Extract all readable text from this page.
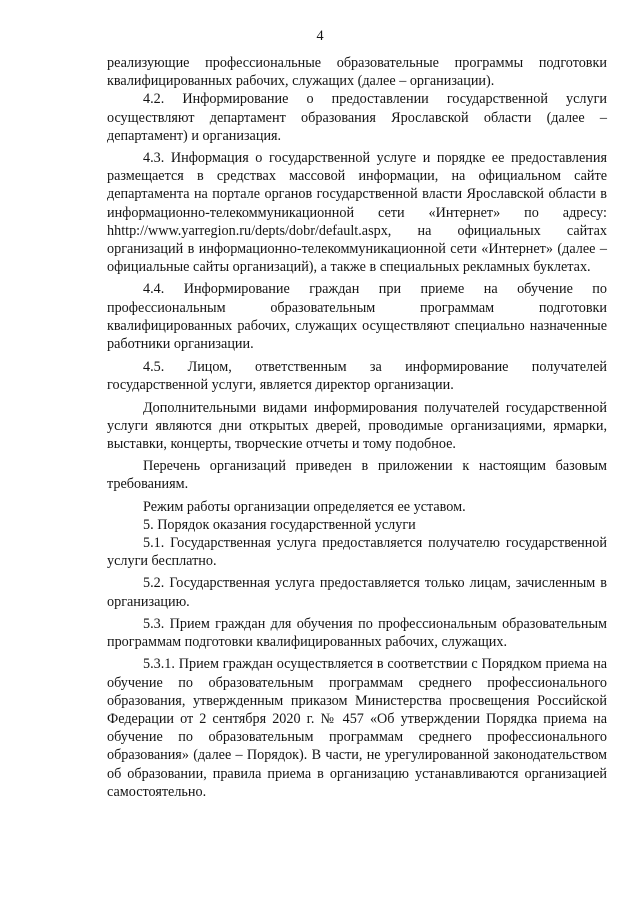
4

реализующие профессиональные образовательные программы подготовки квалифицированных рабочих, служащих (далее – организации).

4.2. Информирование о предоставлении государственной услуги осуществляют департамент образования Ярославской области (далее – департамент) и организация.

4.3. Информация о государственной услуге и порядке ее предоставления размещается в средствах массовой информации, на официальном сайте департамента на портале органов государственной власти Ярославской области в информационно-телекоммуникационной сети «Интернет» по адресу: hhttp://www.yarregion.ru/depts/dobr/default.aspx, на официальных сайтах организаций в информационно-телекоммуникационной сети «Интернет» (далее – официальные сайты организаций), а также в специальных рекламных буклетах.

4.4. Информирование граждан при приеме на обучение по профессиональным образовательным программам подготовки квалифицированных рабочих, служащих осуществляют специально назначенные работники организации.

4.5. Лицом, ответственным за информирование получателей государственной услуги, является директор организации.

Дополнительными видами информирования получателей государственной услуги являются дни открытых дверей, проводимые организациями, ярмарки, выставки, концерты, творческие отчеты и тому подобное.

Перечень организаций приведен в приложении к настоящим базовым требованиям.

Режим работы организации определяется ее уставом.

5. Порядок оказания государственной услуги

5.1. Государственная услуга предоставляется получателю государственной услуги бесплатно.

5.2. Государственная услуга предоставляется только лицам, зачисленным в организацию.

5.3. Прием граждан для обучения по профессиональным образовательным программам подготовки квалифицированных рабочих, служащих.

5.3.1. Прием граждан осуществляется в соответствии с Порядком приема на обучение по образовательным программам среднего профессионального образования, утвержденным приказом Министерства просвещения Российской Федерации от 2 сентября 2020 г. № 457 «Об утверждении Порядка приема на обучение по образовательным программам среднего профессионального образования» (далее – Порядок). В части, не урегулированной законодательством об образовании, правила приема в организацию устанавливаются организацией самостоятельно.
